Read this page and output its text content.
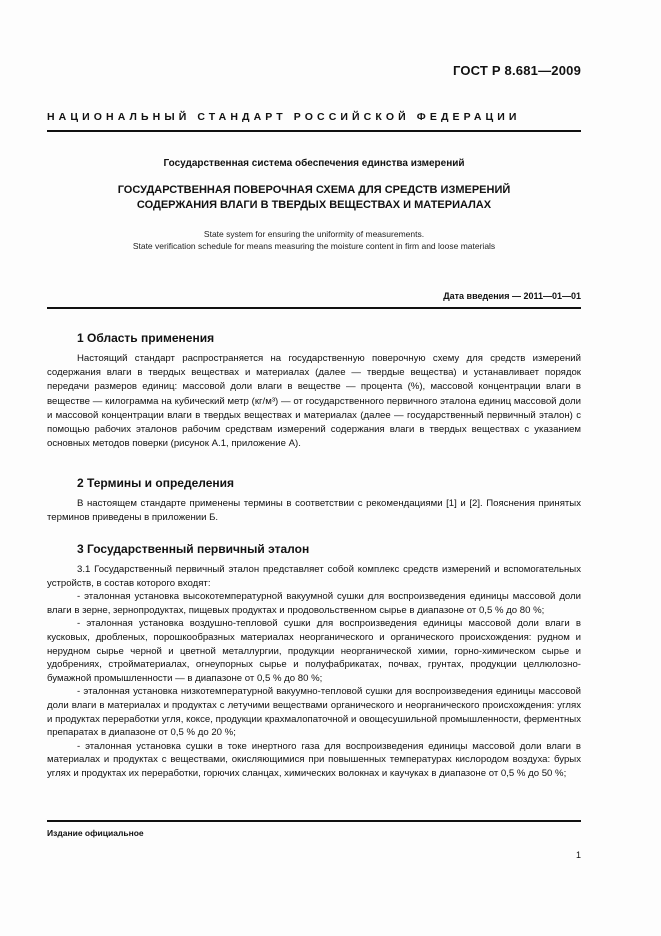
ГОСТ Р 8.681—2009
НАЦИОНАЛЬНЫЙ СТАНДАРТ РОССИЙСКОЙ ФЕДЕРАЦИИ
Государственная система обеспечения единства измерений
ГОСУДАРСТВЕННАЯ ПОВЕРОЧНАЯ СХЕМА ДЛЯ СРЕДСТВ ИЗМЕРЕНИЙ
СОДЕРЖАНИЯ ВЛАГИ В ТВЕРДЫХ ВЕЩЕСТВАХ И МАТЕРИАЛАХ
State system for ensuring the uniformity of measurements.
State verification schedule for means measuring the moisture content in firm and loose materials
Дата введения — 2011—01—01
1 Область применения

Настоящий стандарт распространяется на государственную поверочную схему для средств измерений содержания влаги в твердых веществах и материалах (далее — твердые вещества) и устанавливает порядок передачи размеров единиц: массовой доли влаги в веществе — процента (%), массовой концентрации влаги в веществе — килограмма на кубический метр (кг/м³) — от государственного первичного эталона единиц массовой доли и массовой концентрации влаги в твердых веществах и материалах (далее — государственный первичный эталон) с помощью рабочих эталонов рабочим средствам измерений содержания влаги в твердых веществах с указанием основных методов поверки (рисунок А.1, приложение А).

2 Термины и определения

В настоящем стандарте применены термины в соответствии с рекомендациями [1] и [2]. Пояснения принятых терминов приведены в приложении Б.

3 Государственный первичный эталон

3.1 Государственный первичный эталон представляет собой комплекс средств измерений и вспомогательных устройств, в состав которого входят:

- эталонная установка высокотемпературной вакуумной сушки для воспроизведения единицы массовой доли влаги в зерне, зернопродуктах, пищевых продуктах и продовольственном сырье в диапазоне от 0,5 % до 80 %;

- эталонная установка воздушно-тепловой сушки для воспроизведения единицы массовой доли влаги в кусковых, дробленых, порошкообразных материалах неорганического и органического происхождения: рудном и нерудном сырье черной и цветной металлургии, продукции неорганической химии, горно-химическом сырье и удобрениях, стройматериалах, огнеупорных сырье и полуфабрикатах, почвах, грунтах, продукции целлюлозно-бумажной промышленности — в диапазоне от 0,5 % до 80 %;

- эталонная установка низкотемпературной вакуумно-тепловой сушки для воспроизведения единицы массовой доли влаги в материалах и продуктах с летучими веществами органического и неорганического происхождения: углях и продуктах переработки угля, коксе, продукции крахмалопаточной и овощесушильной промышленности, ферментных препаратах в диапазоне от 0,5 % до 20 %;

- эталонная установка сушки в токе инертного газа для воспроизведения единицы массовой доли влаги в материалах и продуктах с веществами, окисляющимися при повышенных температурах кислородом воздуха: бурых углях и продуктах их переработки, горючих сланцах, химических волокнах и каучуках в диапазоне от 0,5 % до 50 %;

Издание официальное
1
